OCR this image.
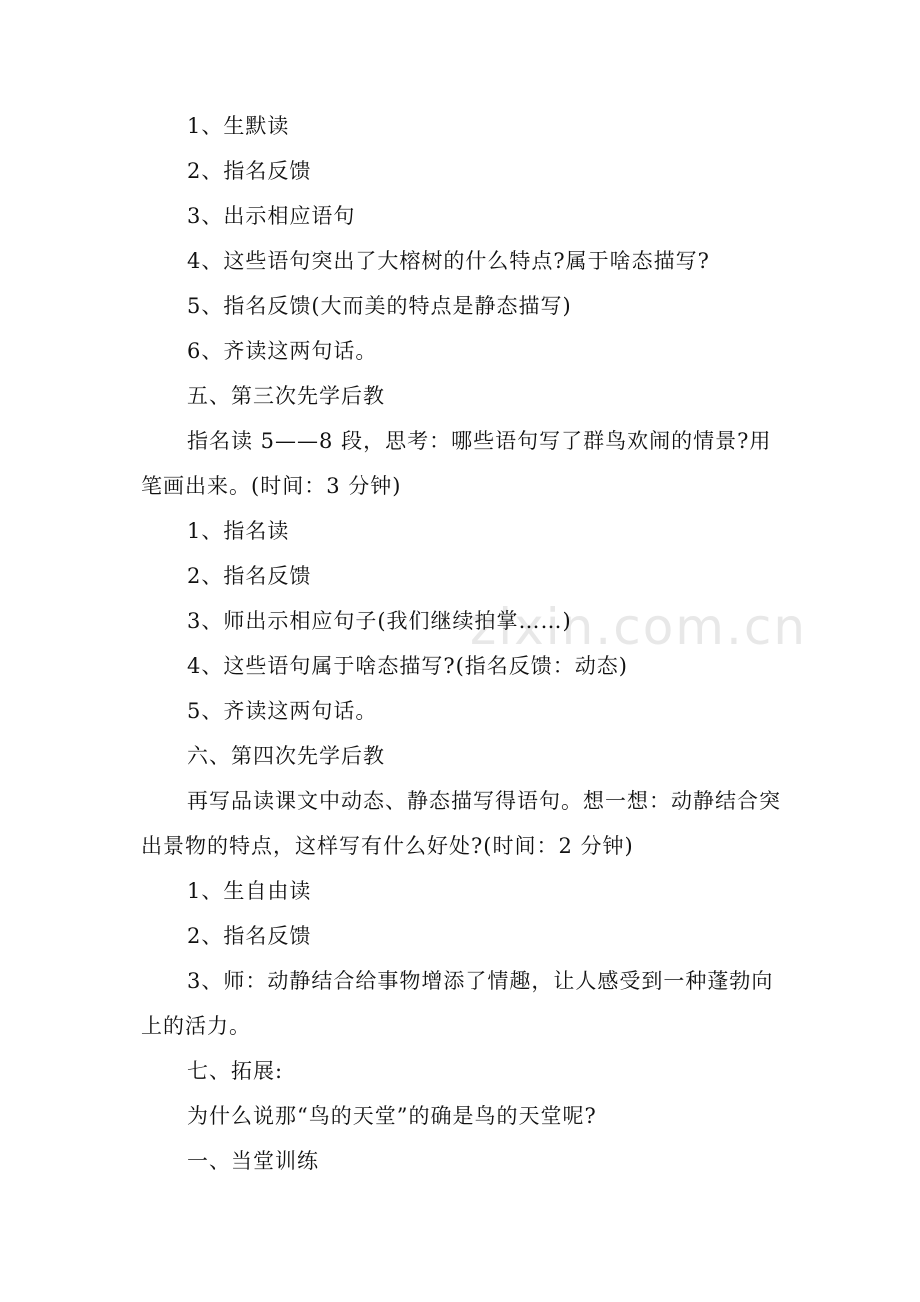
zixin.com.cn

1、生默读

2、指名反馈

3、出示相应语句

4、这些语句突出了大榕树的什么特点?属于啥态描写?

5、指名反馈(大而美的特点是静态描写)

6、齐读这两句话。

五、第三次先学后教

指名读 5——8 段，思考：哪些语句写了群鸟欢闹的情景?用笔画出来。(时间：3 分钟)

1、指名读

2、指名反馈

3、师出示相应句子(我们继续拍掌……)

4、这些语句属于啥态描写?(指名反馈：动态)

5、齐读这两句话。

六、第四次先学后教

再写品读课文中动态、静态描写得语句。想一想：动静结合突出景物的特点，这样写有什么好处?(时间：2 分钟)

1、生自由读

2、指名反馈

3、师：动静结合给事物增添了情趣，让人感受到一种蓬勃向上的活力。

七、拓展:

为什么说那“鸟的天堂”的确是鸟的天堂呢?

一、当堂训练
